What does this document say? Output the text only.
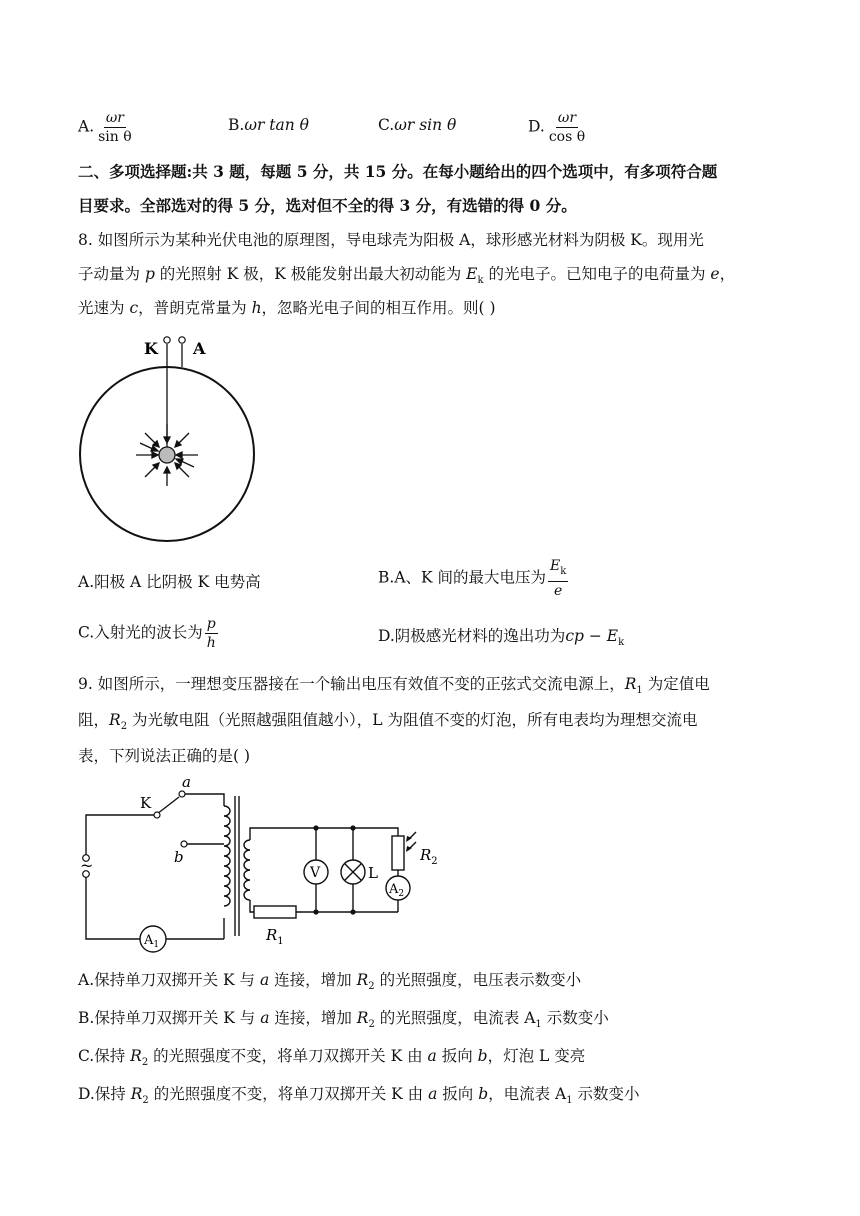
A. $\frac{\omega r}{\text{sin θ}}$	B.ωr tan θ	C.ωr sin θ	D. $\frac{\omega r}{\text{cos θ}}$
二、多项选择题:共 3 题，每题 5 分，共 15 分。在每小题给出的四个选项中，有多项符合题
目要求。全部选对的得 5 分，选对但不全的得 3 分，有选错的得 0 分。
8. 如图所示为某种光伏电池的原理图，导电球壳为阳极 A，球形感光材料为阴极 K。现用光
子动量为 p 的光照射 K 极，K 极能发射出最大初动能为 $E_k$ 的光电子。已知电子的电荷量为 e，
光速为 c，普朗克常量为 h，忽略光电子间的相互作用。则( )
K A
A.阳极 A 比阴极 K 电势高	B.A、K 间的最大电压为 $\frac{E_k}{e}$
C.入射光的波长为 $\frac{p}{h}$	D.阴极感光材料的逸出功为cp − $E_k$
9. 如图所示，一理想变压器接在一个输出电压有效值不变的正弦式交流电源上，$R_1$ 为定值电
阻，$R_2$ 为光敏电阻（光照越强阻值越小），L 为阻值不变的灯泡，所有电表均为理想交流电
表，下列说法正确的是( )
~
K
a
b
V	L
$R_1$
$R_2$
$A_2$
$A_1$
A.保持单刀双掷开关 K 与 a 连接，增加 $R_2$ 的光照强度，电压表示数变小
B.保持单刀双掷开关 K 与 a 连接，增加 $R_2$ 的光照强度，电流表 $A_1$ 示数变小
C.保持 $R_2$ 的光照强度不变，将单刀双掷开关 K 由 a 扳向 b，灯泡 L 变亮
D.保持 $R_2$ 的光照强度不变，将单刀双掷开关 K 由 a 扳向 b，电流表 $A_1$ 示数变小
